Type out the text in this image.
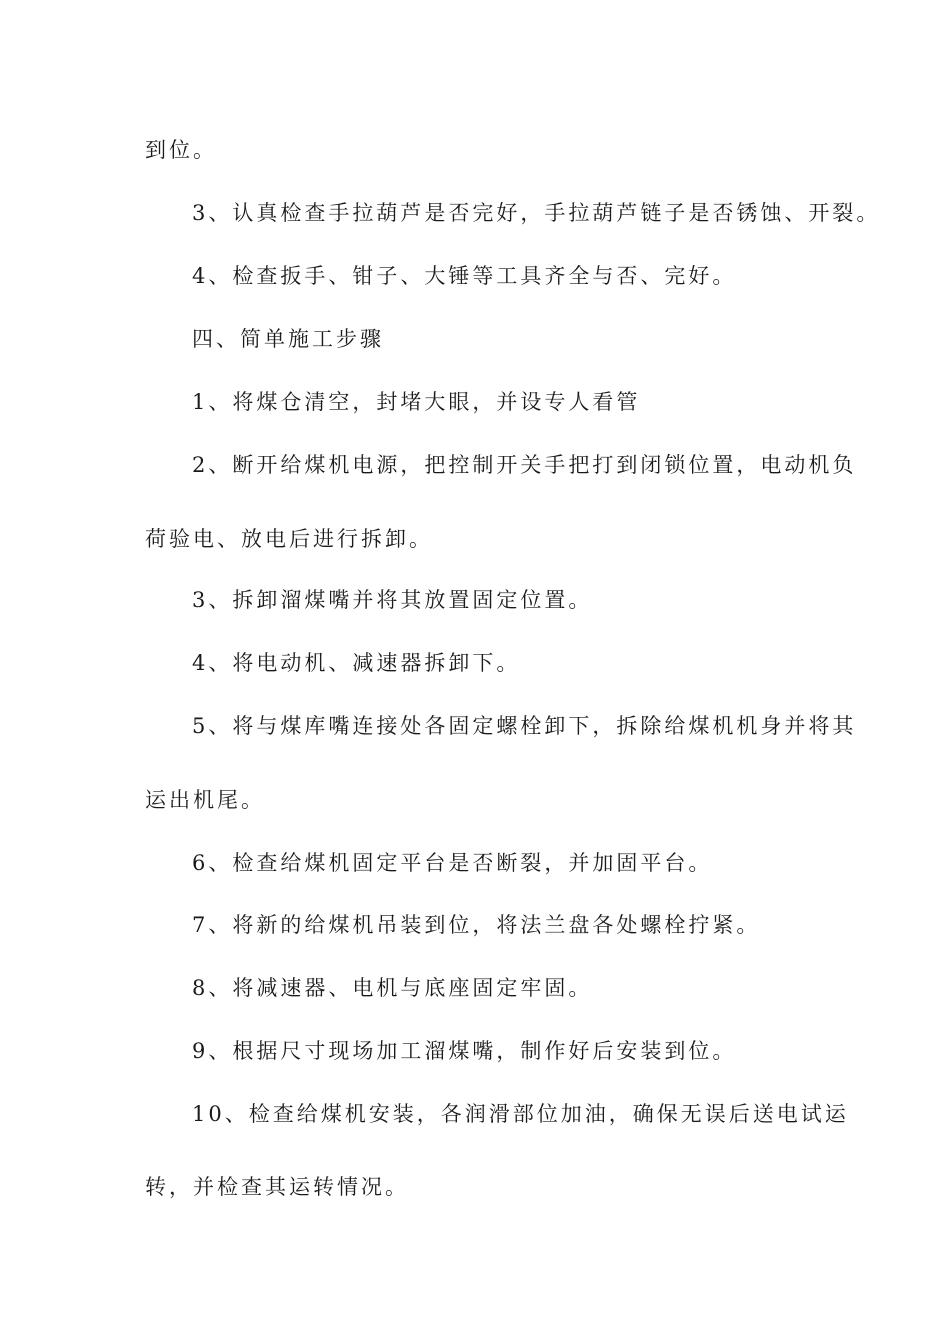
到位。
3、认真检查手拉葫芦是否完好，手拉葫芦链子是否锈蚀、开裂。
4、检查扳手、钳子、大锤等工具齐全与否、完好。
四、简单施工步骤
1、将煤仓清空，封堵大眼，并设专人看管
2、断开给煤机电源，把控制开关手把打到闭锁位置，电动机负
荷验电、放电后进行拆卸。
3、拆卸溜煤嘴并将其放置固定位置。
4、将电动机、减速器拆卸下。
5、将与煤库嘴连接处各固定螺栓卸下，拆除给煤机机身并将其
运出机尾。
6、检查给煤机固定平台是否断裂，并加固平台。
7、将新的给煤机吊装到位，将法兰盘各处螺栓拧紧。
8、将减速器、电机与底座固定牢固。
9、根据尺寸现场加工溜煤嘴，制作好后安装到位。
10、检查给煤机安装，各润滑部位加油，确保无误后送电试运
转，并检查其运转情况。
